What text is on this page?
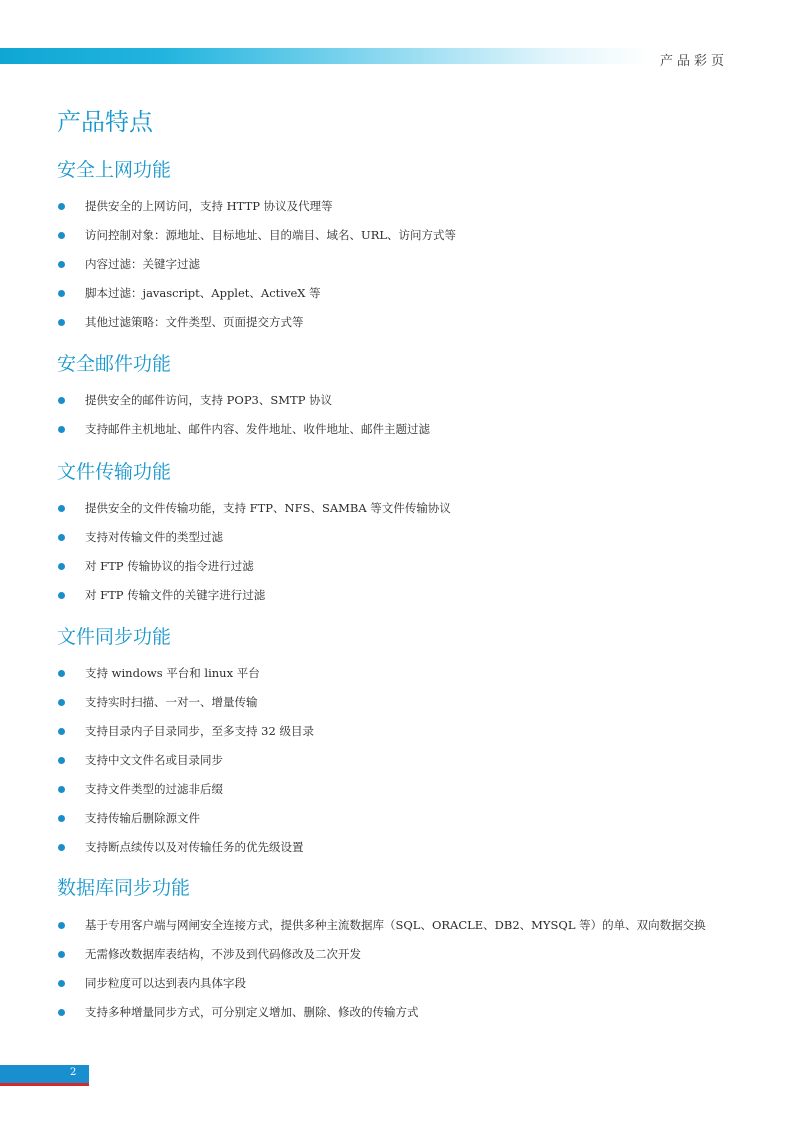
产品彩页
产品特点
安全上网功能
提供安全的上网访问，支持 HTTP 协议及代理等
访问控制对象：源地址、目标地址、目的端目、域名、URL、访问方式等
内容过滤：关键字过滤
脚本过滤：javascript、Applet、ActiveX 等
其他过滤策略：文件类型、页面提交方式等
安全邮件功能
提供安全的邮件访问，支持 POP3、SMTP 协议
支持邮件主机地址、邮件内容、发件地址、收件地址、邮件主题过滤
文件传输功能
提供安全的文件传输功能，支持 FTP、NFS、SAMBA 等文件传输协议
支持对传输文件的类型过滤
对 FTP 传输协议的指令进行过滤
对 FTP 传输文件的关键字进行过滤
文件同步功能
支持 windows 平台和 linux 平台
支持实时扫描、一对一、增量传输
支持目录内子目录同步，至多支持 32 级目录
支持中文文件名或目录同步
支持文件类型的过滤非后缀
支持传输后删除源文件
支持断点续传以及对传输任务的优先级设置
数据库同步功能
基于专用客户端与网闸安全连接方式，提供多种主流数据库（SQL、ORACLE、DB2、MYSQL 等）的单、双向数据交换
无需修改数据库表结构，不涉及到代码修改及二次开发
同步粒度可以达到表内具体字段
支持多种增量同步方式，可分别定义增加、删除、修改的传输方式
2
